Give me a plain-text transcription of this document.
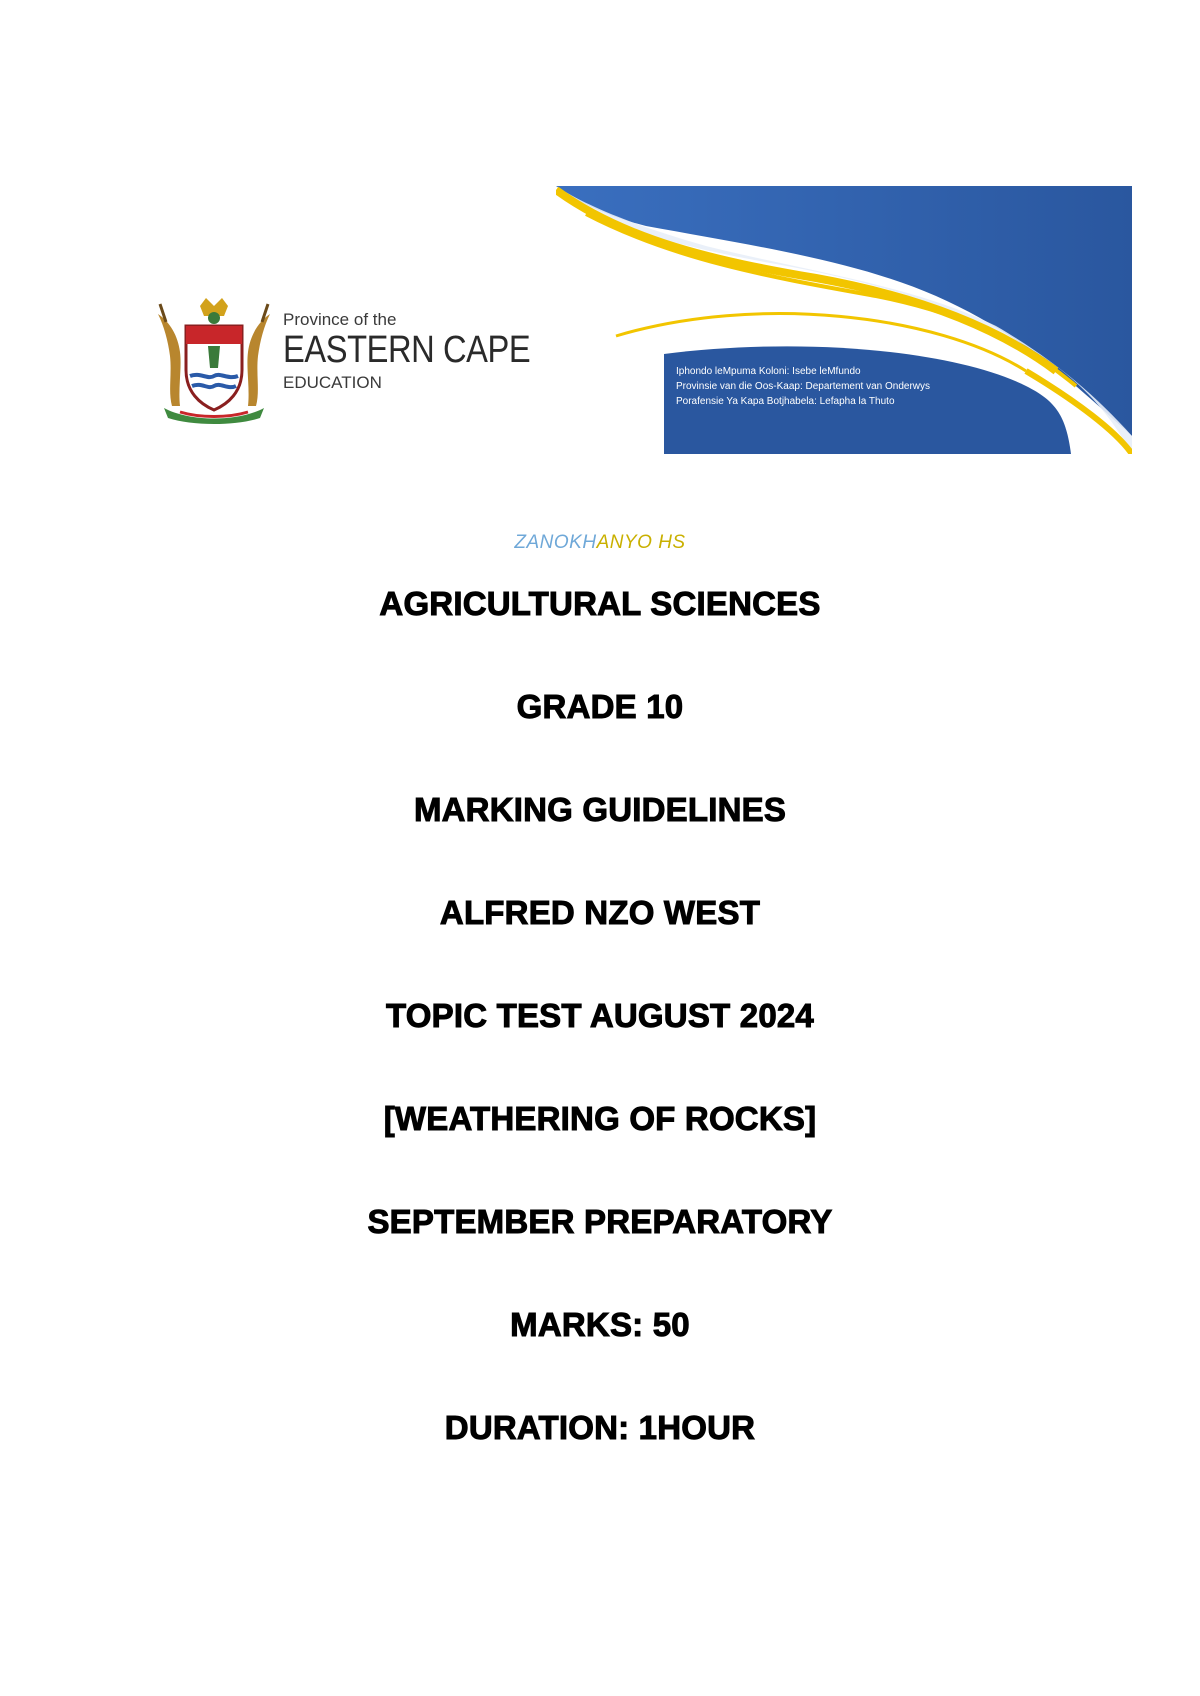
Province of the
EASTERN CAPE
EDUCATION
Iphondo leMpuma Koloni: Isebe leMfundo
Provinsie van die Oos-Kaap: Departement van Onderwys
Porafensie Ya Kapa Botjhabela: Lefapha la Thuto
ZANOKHANYO HS
AGRICULTURAL SCIENCES
GRADE 10
MARKING GUIDELINES
ALFRED NZO WEST
TOPIC TEST AUGUST 2024
[WEATHERING OF ROCKS]
SEPTEMBER PREPARATORY
MARKS: 50
DURATION: 1HOUR
